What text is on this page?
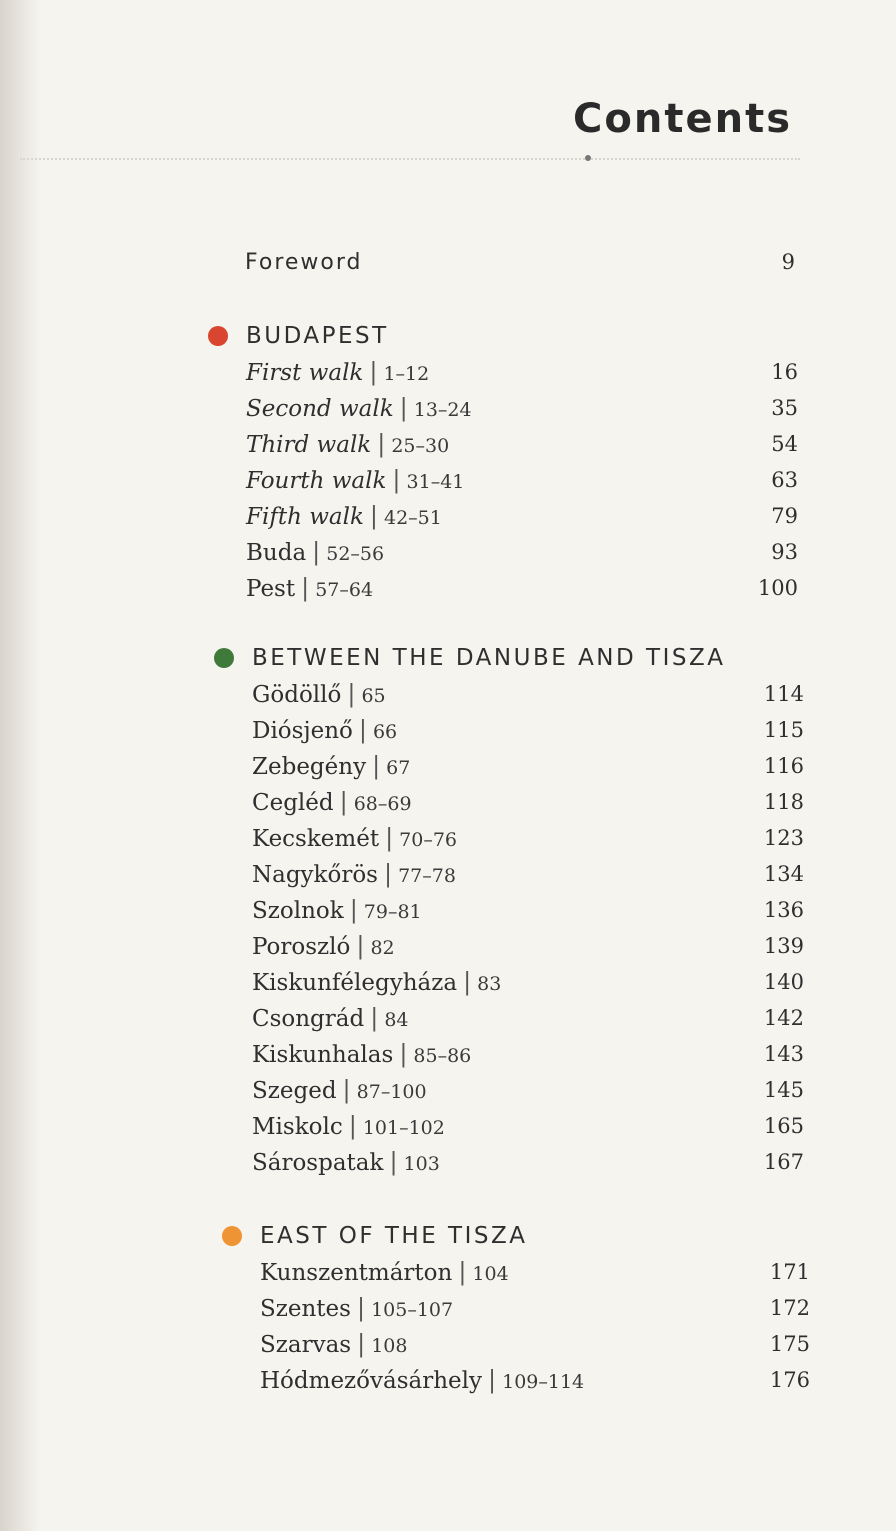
Contents
Foreword	9
BUDAPEST
First walk | 1–12	16
Second walk | 13–24	35
Third walk | 25–30	54
Fourth walk | 31–41	63
Fifth walk | 42–51	79
Buda | 52–56	93
Pest | 57–64	100
BETWEEN THE DANUBE AND TISZA
Gödöllő | 65	114
Diósjenő | 66	115
Zebegény | 67	116
Cegléd | 68–69	118
Kecskemét | 70–76	123
Nagykőrös | 77–78	134
Szolnok | 79–81	136
Poroszló | 82	139
Kiskunfélegyháza | 83	140
Csongrád | 84	142
Kiskunhalas | 85–86	143
Szeged | 87–100	145
Miskolc | 101–102	165
Sárospatak | 103	167
EAST OF THE TISZA
Kunszentmárton | 104	171
Szentes | 105–107	172
Szarvas | 108	175
Hódmezővásárhely | 109–114	176
